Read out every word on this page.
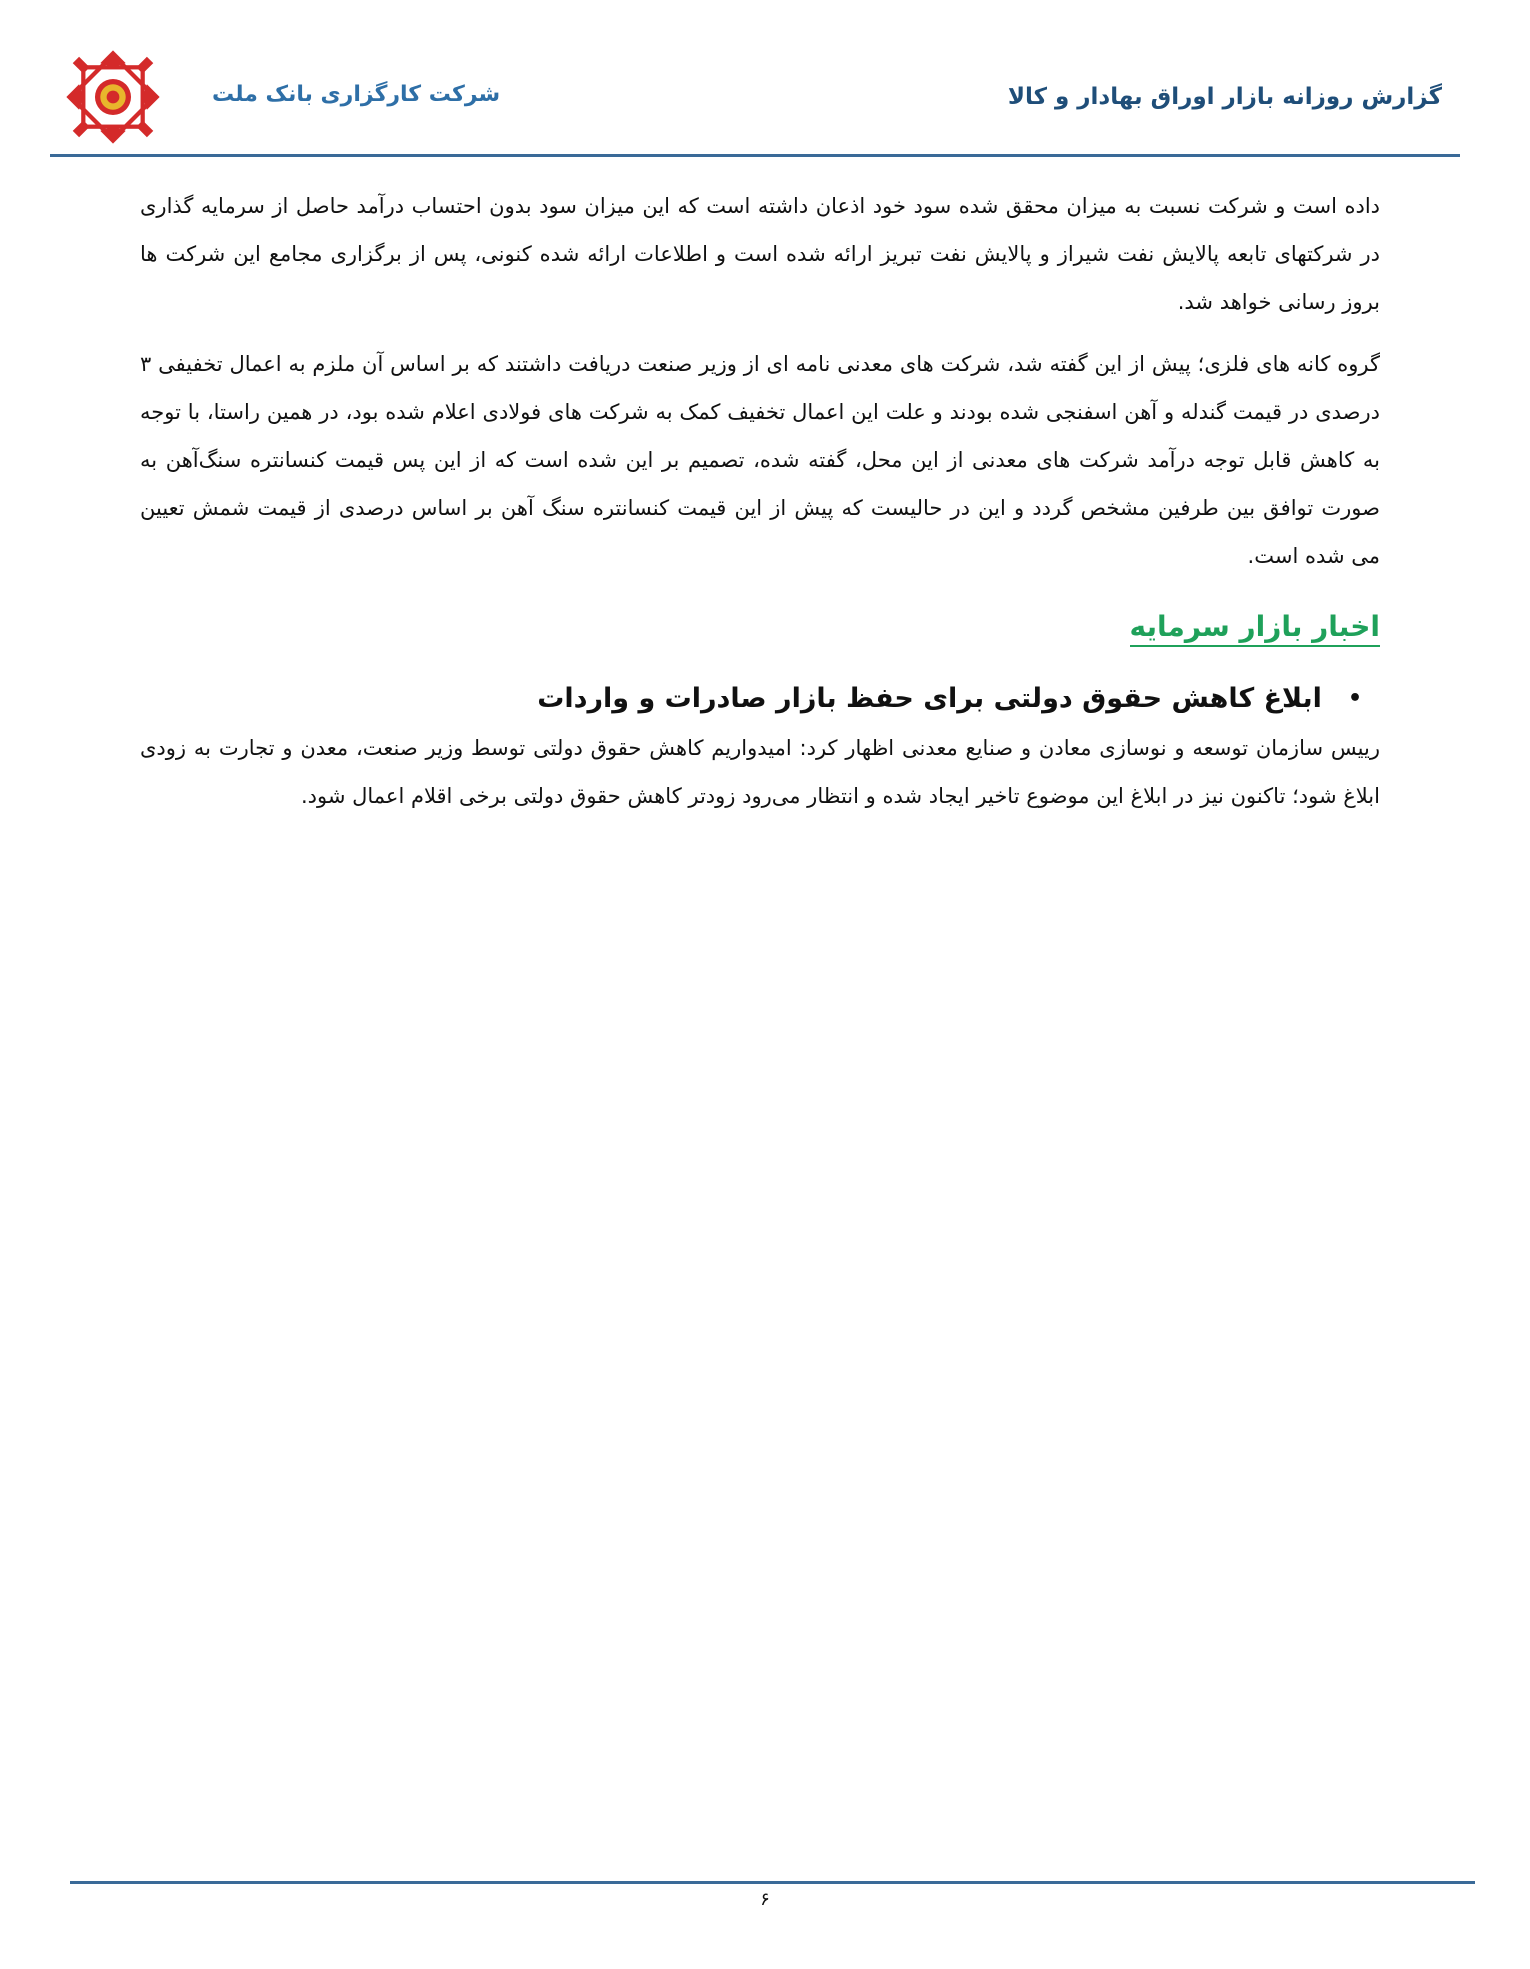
گزارش روزانه بازار اوراق بهادار و کالا
شرکت کارگزاری بانک ملت

داده است و شرکت نسبت به میزان محقق شده سود خود اذعان داشته است که این میزان سود بدون احتساب درآمد حاصل از سرمایه گذاری در شرکتهای تابعه پالایش نفت شیراز و پالایش نفت تبریز ارائه شده است و اطلاعات ارائه شده کنونی، پس از برگزاری مجامع این شرکت ها بروز رسانی خواهد شد.

گروه کانه های فلزی؛ پیش از این گفته شد، شرکت های معدنی نامه ای از وزیر صنعت دریافت داشتند که بر اساس آن ملزم به اعمال تخفیفی ۳ درصدی در قیمت گندله و آهن اسفنجی شده بودند و علت این اعمال تخفیف کمک به شرکت های فولادی اعلام شده بود، در همین راستا، با توجه به کاهش قابل توجه درآمد شرکت های معدنی از این محل، گفته شده، تصمیم بر این شده است که از این پس قیمت کنسانتره سنگ‌آهن به صورت توافق بین طرفین مشخص گردد و این در حالیست که پیش از این قیمت کنسانتره سنگ آهن بر اساس درصدی از قیمت شمش تعیین می شده است.

اخبار بازار سرمایه
•
ابلاغ کاهش حقوق دولتی برای حفظ بازار صادرات و واردات

رییس سازمان توسعه و نوسازی معادن و صنایع معدنی اظهار کرد: امیدواریم کاهش حقوق دولتی توسط وزیر صنعت، معدن و تجارت به زودی ابلاغ شود؛ تاکنون نیز در ابلاغ این موضوع تاخیر ایجاد شده و انتظار می‌رود زودتر کاهش حقوق دولتی برخی اقلام اعمال شود.

۶
